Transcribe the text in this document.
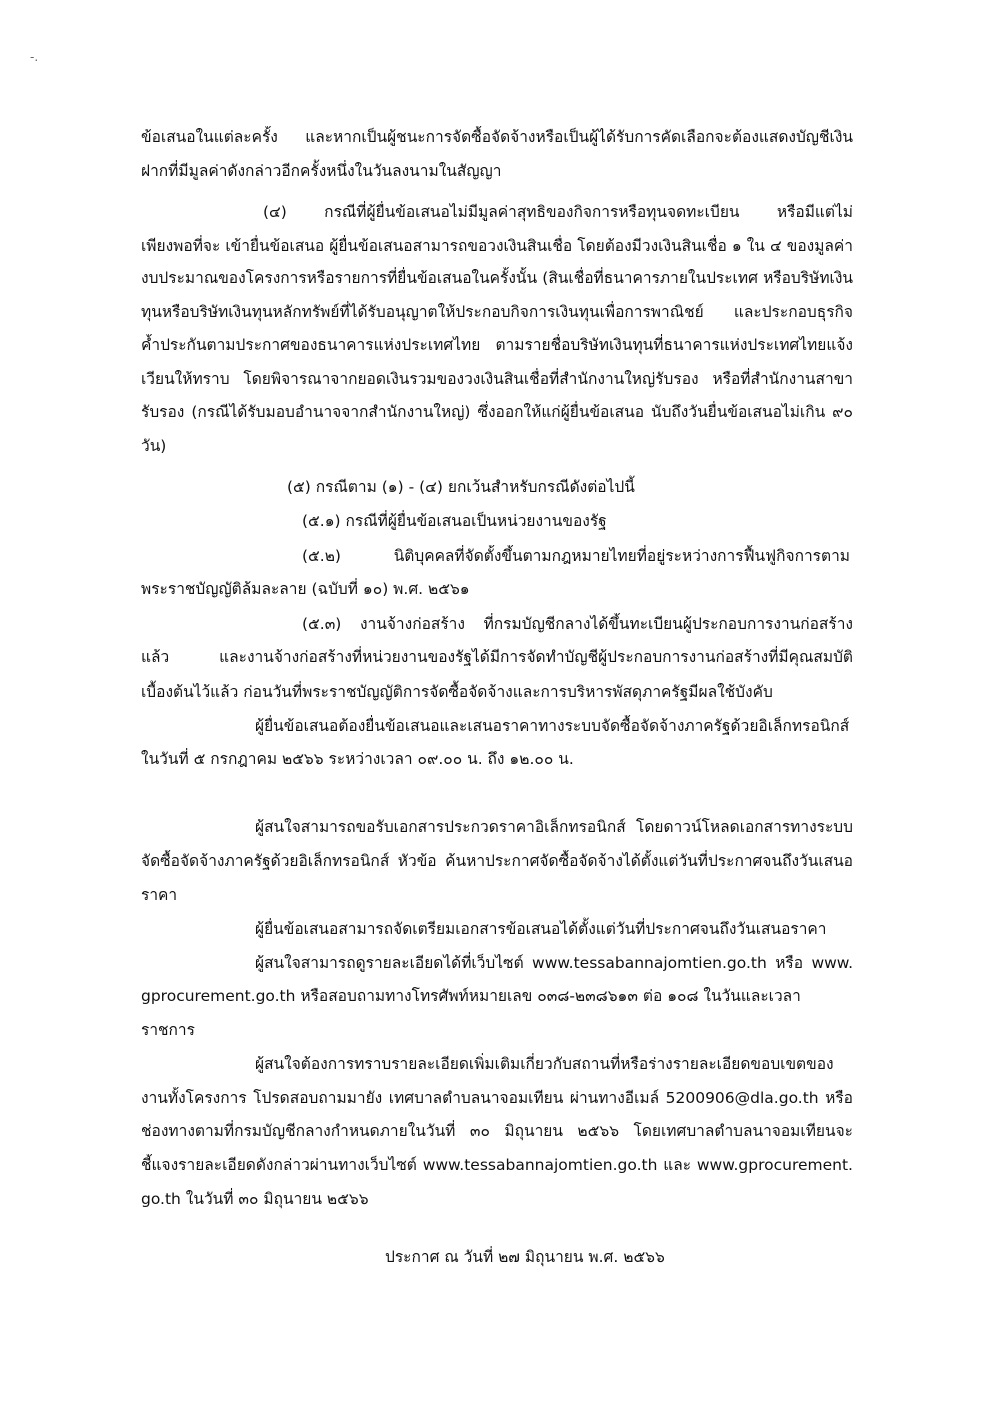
-.
ข้อเสนอในแต่ละครั้ง และหากเป็นผู้ชนะการจัดซื้อจัดจ้างหรือเป็นผู้ได้รับการคัดเลือกจะต้องแสดงบัญชีเงิน
ฝากที่มีมูลค่าดังกล่าวอีกครั้งหนึ่งในวันลงนามในสัญญา
(๔) กรณีที่ผู้ยื่นข้อเสนอไม่มีมูลค่าสุทธิของกิจการหรือทุนจดทะเบียน หรือมีแต่ไม่
เพียงพอที่จะ เข้ายื่นข้อเสนอ ผู้ยื่นข้อเสนอสามารถขอวงเงินสินเชื่อ โดยต้องมีวงเงินสินเชื่อ ๑ ใน ๔ ของมูลค่า
งบประมาณของโครงการหรือรายการที่ยื่นข้อเสนอในครั้งนั้น (สินเชื่อที่ธนาคารภายในประเทศ หรือบริษัทเงิน
ทุนหรือบริษัทเงินทุนหลักทรัพย์ที่ได้รับอนุญาตให้ประกอบกิจการเงินทุนเพื่อการพาณิชย์ และประกอบธุรกิจ
ค้ำประกันตามประกาศของธนาคารแห่งประเทศไทย ตามรายชื่อบริษัทเงินทุนที่ธนาคารแห่งประเทศไทยแจ้ง
เวียนให้ทราบ โดยพิจารณาจากยอดเงินรวมของวงเงินสินเชื่อที่สำนักงานใหญ่รับรอง หรือที่สำนักงานสาขา
รับรอง (กรณีได้รับมอบอำนาจจากสำนักงานใหญ่) ซึ่งออกให้แก่ผู้ยื่นข้อเสนอ นับถึงวันยื่นข้อเสนอไม่เกิน ๙๐
วัน)
(๕) กรณีตาม (๑) - (๔) ยกเว้นสำหรับกรณีดังต่อไปนี้
(๕.๑) กรณีที่ผู้ยื่นข้อเสนอเป็นหน่วยงานของรัฐ
(๕.๒) นิติบุคคลที่จัดตั้งขึ้นตามกฎหมายไทยที่อยู่ระหว่างการฟื้นฟูกิจการตาม
พระราชบัญญัติล้มละลาย (ฉบับที่ ๑๐) พ.ศ. ๒๕๖๑
(๕.๓) งานจ้างก่อสร้าง ที่กรมบัญชีกลางได้ขึ้นทะเบียนผู้ประกอบการงานก่อสร้าง
แล้ว และงานจ้างก่อสร้างที่หน่วยงานของรัฐได้มีการจัดทำบัญชีผู้ประกอบการงานก่อสร้างที่มีคุณสมบัติ
เบื้องต้นไว้แล้ว ก่อนวันที่พระราชบัญญัติการจัดซื้อจัดจ้างและการบริหารพัสดุภาครัฐมีผลใช้บังคับ
ผู้ยื่นข้อเสนอต้องยื่นข้อเสนอและเสนอราคาทางระบบจัดซื้อจัดจ้างภาครัฐด้วยอิเล็กทรอนิกส์
ในวันที่ ๕ กรกฎาคม ๒๕๖๖ ระหว่างเวลา ๐๙.๐๐ น. ถึง ๑๒.๐๐ น.
ผู้สนใจสามารถขอรับเอกสารประกวดราคาอิเล็กทรอนิกส์ โดยดาวน์โหลดเอกสารทางระบบ
จัดซื้อจัดจ้างภาครัฐด้วยอิเล็กทรอนิกส์ หัวข้อ ค้นหาประกาศจัดซื้อจัดจ้างได้ตั้งแต่วันที่ประกาศจนถึงวันเสนอ
ราคา
ผู้ยื่นข้อเสนอสามารถจัดเตรียมเอกสารข้อเสนอได้ตั้งแต่วันที่ประกาศจนถึงวันเสนอราคา
ผู้สนใจสามารถดูรายละเอียดได้ที่เว็บไซต์ www.tessabannajomtien.go.th หรือ www.
gprocurement.go.th หรือสอบถามทางโทรศัพท์หมายเลข ๐๓๘-๒๓๘๖๑๓ ต่อ ๑๐๘ ในวันและเวลา
ราชการ
ผู้สนใจต้องการทราบรายละเอียดเพิ่มเติมเกี่ยวกับสถานที่หรือร่างรายละเอียดขอบเขตของ
งานทั้งโครงการ โปรดสอบถามมายัง เทศบาลตำบลนาจอมเทียน ผ่านทางอีเมล์ 5200906@dla.go.th หรือ
ช่องทางตามที่กรมบัญชีกลางกำหนดภายในวันที่ ๓๐ มิถุนายน ๒๕๖๖ โดยเทศบาลตำบลนาจอมเทียนจะ
ชี้แจงรายละเอียดดังกล่าวผ่านทางเว็บไซต์ www.tessabannajomtien.go.th และ www.gprocurement.
go.th ในวันที่ ๓๐ มิถุนายน ๒๕๖๖
ประกาศ ณ วันที่ ๒๗ มิถุนายน พ.ศ. ๒๕๖๖
